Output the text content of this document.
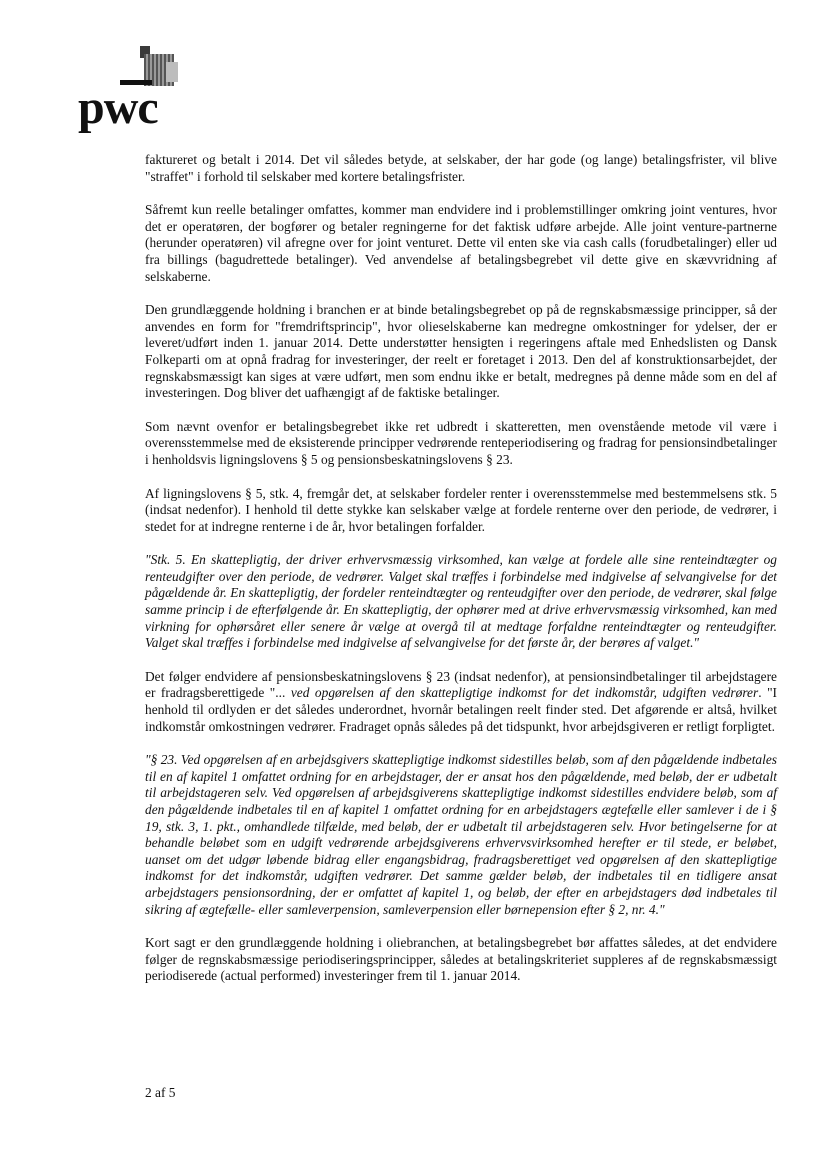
pwc

faktureret og betalt i 2014. Det vil således betyde, at selskaber, der har gode (og lange) betalingsfrister, vil blive "straffet" i forhold til selskaber med kortere betalingsfrister.

Såfremt kun reelle betalinger omfattes, kommer man endvidere ind i problemstillinger omkring joint ventures, hvor det er operatøren, der bogfører og betaler regningerne for det faktisk udføre arbejde. Alle joint venture-partnerne (herunder operatøren) vil afregne over for joint venturet. Dette vil enten ske via cash calls (forudbetalinger) eller ud fra billings (bagudrettede betalinger). Ved anvendelse af betalingsbegrebet vil dette give en skævvridning af selskaberne.

Den grundlæggende holdning i branchen er at binde betalingsbegrebet op på de regnskabsmæssige principper, så der anvendes en form for "fremdriftsprincip", hvor olieselskaberne kan medregne omkostninger for ydelser, der er leveret/udført inden 1. januar 2014. Dette understøtter hensigten i regeringens aftale med Enhedslisten og Dansk Folkeparti om at opnå fradrag for investeringer, der reelt er foretaget i 2013. Den del af konstruktionsarbejdet, der regnskabsmæssigt kan siges at være udført, men som endnu ikke er betalt, medregnes på denne måde som en del af investeringen. Dog bliver det uafhængigt af de faktiske betalinger.

Som nævnt ovenfor er betalingsbegrebet ikke ret udbredt i skatteretten, men ovenstående metode vil være i overensstemmelse med de eksisterende principper vedrørende renteperiodisering og fradrag for pensionsindbetalinger i henholdsvis ligningslovens § 5 og pensionsbeskatningslovens § 23.

Af ligningslovens § 5, stk. 4, fremgår det, at selskaber fordeler renter i overensstemmelse med bestemmelsens stk. 5 (indsat nedenfor). I henhold til dette stykke kan selskaber vælge at fordele renterne over den periode, de vedrører, i stedet for at indregne renterne i de år, hvor betalingen forfalder.

"Stk. 5. En skattepligtig, der driver erhvervsmæssig virksomhed, kan vælge at fordele alle sine renteindtægter og renteudgifter over den periode, de vedrører. Valget skal træffes i forbindelse med indgivelse af selvangivelse for det pågældende år. En skattepligtig, der fordeler renteindtægter og renteudgifter over den periode, de vedrører, skal følge samme princip i de efterfølgende år. En skattepligtig, der ophører med at drive erhvervsmæssig virksomhed, kan med virkning for ophørsåret eller senere år vælge at overgå til at medtage forfaldne renteindtægter og renteudgifter. Valget skal træffes i forbindelse med indgivelse af selvangivelse for det første år, der berøres af valget."

Det følger endvidere af pensionsbeskatningslovens § 23 (indsat nedenfor), at pensionsindbetalinger til arbejdstagere er fradragsberettigede "... ved opgørelsen af den skattepligtige indkomst for det indkomstår, udgiften vedrører. "I henhold til ordlyden er det således underordnet, hvornår betalingen reelt finder sted. Det afgørende er altså, hvilket indkomstår omkostningen vedrører. Fradraget opnås således på det tidspunkt, hvor arbejdsgiveren er retligt forpligtet.

"§ 23. Ved opgørelsen af en arbejdsgivers skattepligtige indkomst sidestilles beløb, som af den pågældende indbetales til en af kapitel 1 omfattet ordning for en arbejdstager, der er ansat hos den pågældende, med beløb, der er udbetalt til arbejdstageren selv. Ved opgørelsen af arbejdsgiverens skattepligtige indkomst sidestilles endvidere beløb, som af den pågældende indbetales til en af kapitel 1 omfattet ordning for en arbejdstagers ægtefælle eller samlever i de i § 19, stk. 3, 1. pkt., omhandlede tilfælde, med beløb, der er udbetalt til arbejdstageren selv. Hvor betingelserne for at behandle beløbet som en udgift vedrørende arbejdsgiverens erhvervsvirksomhed herefter er til stede, er beløbet, uanset om det udgør løbende bidrag eller engangsbidrag, fradragsberettiget ved opgørelsen af den skattepligtige indkomst for det indkomstår, udgiften vedrører. Det samme gælder beløb, der indbetales til en tidligere ansat arbejdstagers pensionsordning, der er omfattet af kapitel 1, og beløb, der efter en arbejdstagers død indbetales til sikring af ægtefælle- eller samleverpension, samleverpension eller børnepension efter § 2, nr. 4."

Kort sagt er den grundlæggende holdning i oliebranchen, at betalingsbegrebet bør affattes således, at det endvidere følger de regnskabsmæssige periodiseringsprincipper, således at betalingskriteriet suppleres af de regnskabsmæssigt periodiserede (actual performed) investeringer frem til 1. januar 2014.

2 af 5
